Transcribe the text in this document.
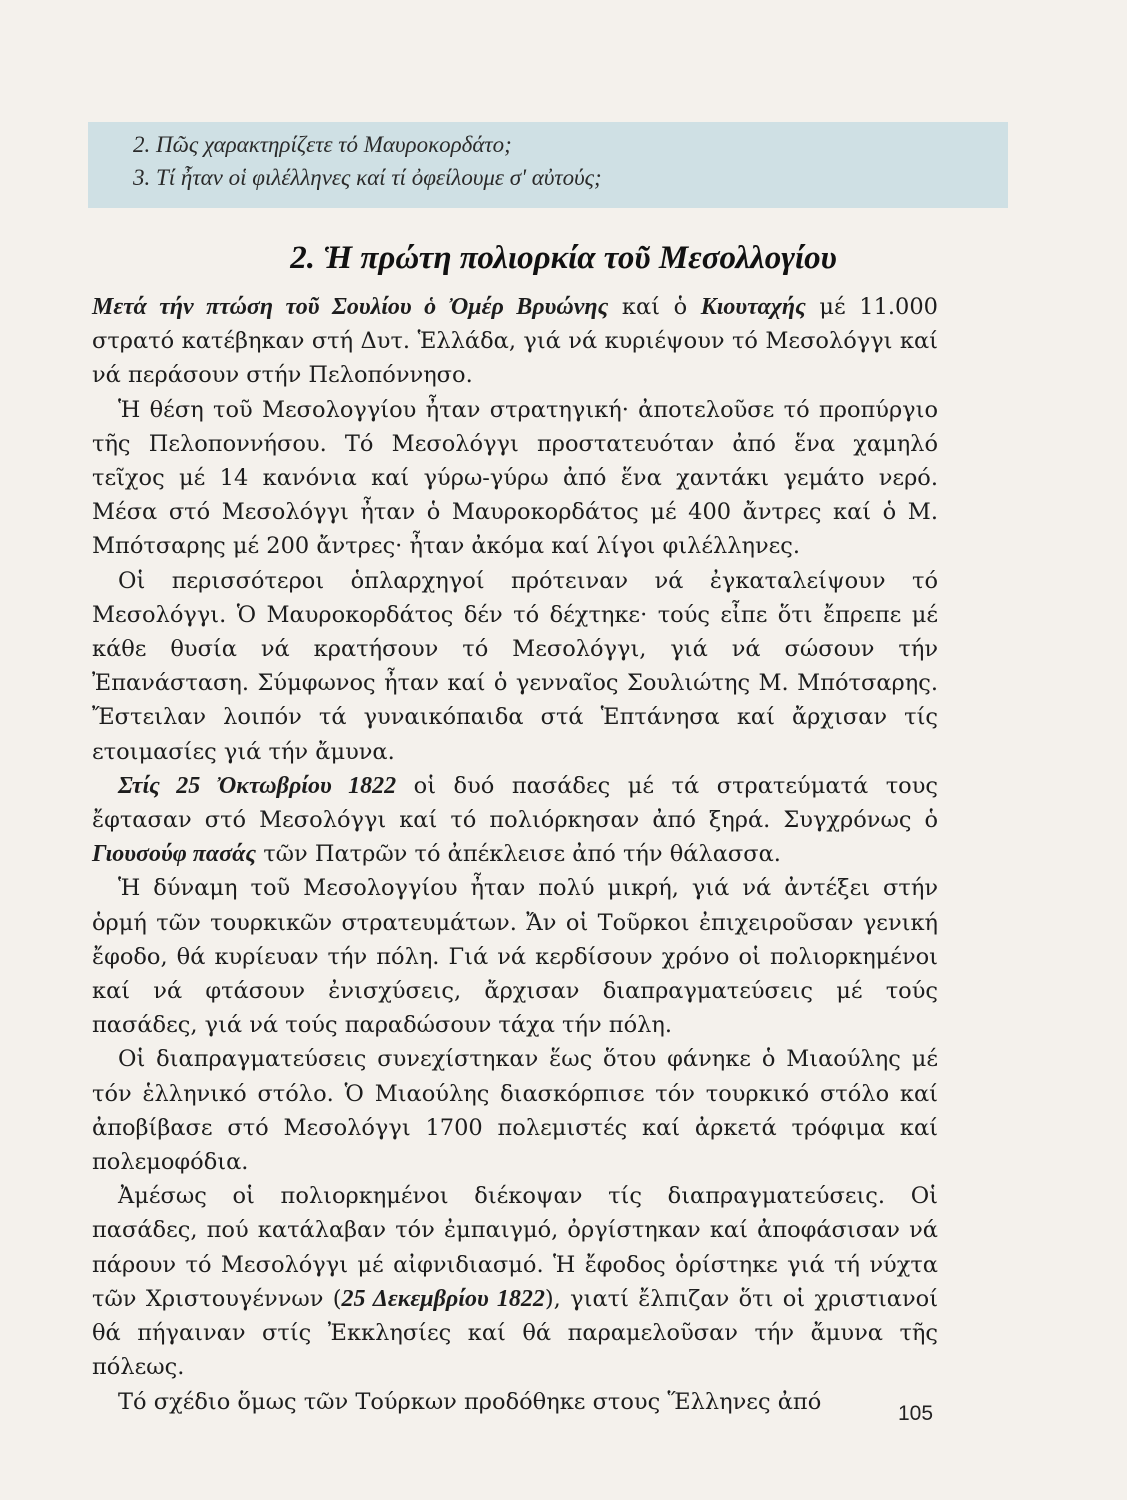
2. Πῶς χαρακτηρίζετε τό Μαυροκορδάτο;

3. Τί ἦταν οἱ φιλέλληνες καί τί ὀφείλουμε σ' αὐτούς;

2. Ἡ πρώτη πολιορκία τοῦ Μεσολλογίου

Μετά τήν πτώση τοῦ Σουλίου ὁ Ὀμέρ Βρυώνης καί ὁ Κιουταχής μέ 11.000 στρατό κατέβηκαν στή Δυτ. Ἑλλάδα, γιά νά κυριέψουν τό Μεσολόγγι καί νά περάσουν στήν Πελοπόννησο.

Ἡ θέση τοῦ Μεσολογγίου ἦταν στρατηγική· ἀποτελοῦσε τό προπύργιο τῆς Πελοποννήσου. Τό Μεσολόγγι προστατευόταν ἀπό ἕνα χαμηλό τεῖχος μέ 14 κανόνια καί γύρω-γύρω ἀπό ἕνα χαντάκι γεμάτο νερό. Μέσα στό Μεσολόγγι ἦταν ὁ Μαυροκορδάτος μέ 400 ἄντρες καί ὁ Μ. Μπότσαρης μέ 200 ἄντρες· ἦταν ἀκόμα καί λίγοι φιλέλληνες.

Οἱ περισσότεροι ὁπλαρχηγοί πρότειναν νά ἐγκαταλείψουν τό Μεσολόγγι. Ὁ Μαυροκορδάτος δέν τό δέχτηκε· τούς εἶπε ὅτι ἔπρεπε μέ κάθε θυσία νά κρατήσουν τό Μεσολόγγι, γιά νά σώσουν τήν Ἐπανάσταση. Σύμφωνος ἦταν καί ὁ γενναῖος Σουλιώτης Μ. Μπότσαρης. Ἔστειλαν λοιπόν τά γυναικόπαιδα στά Ἑπτάνησα καί ἄρχισαν τίς ετοιμασίες γιά τήν ἄμυνα.

Στίς 25 Ὀκτωβρίου 1822 οἱ δυό πασάδες μέ τά στρατεύματά τους ἔφτασαν στό Μεσολόγγι καί τό πολιόρκησαν ἀπό ξηρά. Συγχρόνως ὁ Γιουσούφ πασάς τῶν Πατρῶν τό ἀπέκλεισε ἀπό τήν θάλασσα.

Ἡ δύναμη τοῦ Μεσολογγίου ἦταν πολύ μικρή, γιά νά ἀντέξει στήν ὁρμή τῶν τουρκικῶν στρατευμάτων. Ἄν οἱ Τοῦρκοι ἐπιχειροῦσαν γενική ἔφοδο, θά κυρίευαν τήν πόλη. Γιά νά κερδίσουν χρόνο οἱ πολιορκημένοι καί νά φτάσουν ἐνισχύσεις, ἄρχισαν διαπραγματεύσεις μέ τούς πασάδες, γιά νά τούς παραδώσουν τάχα τήν πόλη.

Οἱ διαπραγματεύσεις συνεχίστηκαν ἕως ὅτου φάνηκε ὁ Μιαούλης μέ τόν ἑλληνικό στόλο. Ὁ Μιαούλης διασκόρπισε τόν τουρκικό στόλο καί ἀποβίβασε στό Μεσολόγγι 1700 πολεμιστές καί ἀρκετά τρόφιμα καί πολεμοφόδια.

Ἀμέσως οἱ πολιορκημένοι διέκοψαν τίς διαπραγματεύσεις. Οἱ πασάδες, πού κατάλαβαν τόν ἐμπαιγμό, ὀργίστηκαν καί ἀποφάσισαν νά πάρουν τό Μεσολόγγι μέ αἰφνιδιασμό. Ἡ ἔφοδος ὁρίστηκε γιά τή νύχτα τῶν Χριστουγέννων (25 Δεκεμβρίου 1822), γιατί ἔλπιζαν ὅτι οἱ χριστιανοί θά πήγαιναν στίς Ἐκκλησίες καί θά παραμελοῦσαν τήν ἄμυνα τῆς πόλεως.

Τό σχέδιο ὅμως τῶν Τούρκων προδόθηκε στους Ἕλληνες ἀπό	105
